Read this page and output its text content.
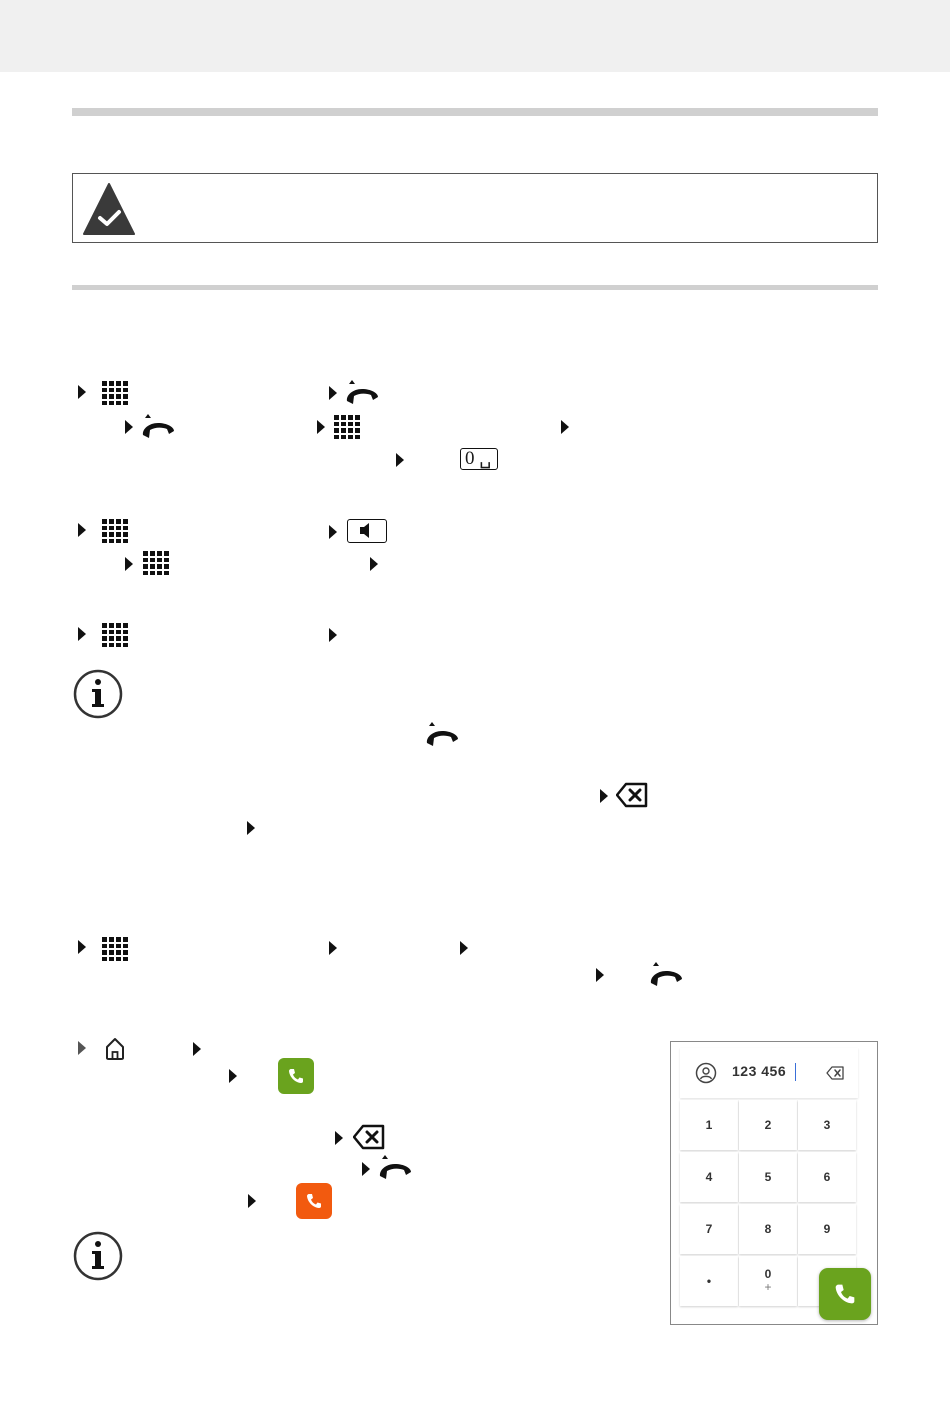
0 ␣
123 456
1	2	3
4	5	6
7	8	9
•	0
+
